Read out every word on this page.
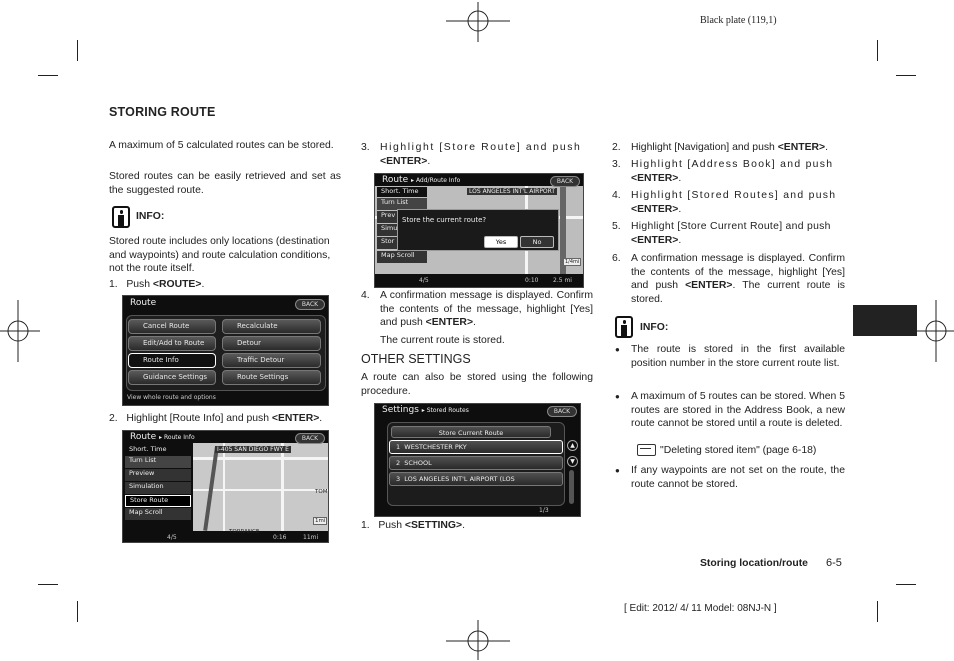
Black plate (119,1)
STORING ROUTE
A maximum of 5 calculated routes can be stored.
Stored routes can be easily retrieved and set as the suggested route.
INFO:
Stored route includes only locations (destination and waypoints) and route calculation conditions, not the route itself.
1. Push <ROUTE>.
Route	BACK
Cancel Route	Recalculate
Edit/Add to Route	Detour
Route Info	Traffic Detour
Guidance Settings	Route Settings
View whole route and options
2. Highlight [Route Info] and push <ENTER>.
TORRANCE
TOM
1mi
Route ▸ Route Info	BACK
Short. Time	I-405 SAN DIEGO FWY E
Turn List
Preview
Simulation
Store Route
Map Scroll
4/5	0:16	11mi
3. Highlight [Store Route] and push
<ENTER>.
1/4mi
Route ▸ Add/Route Info	BACK
Short. Time	LOS ANGELES INT'L AIRPORT
Turn List
Prev
Simu
Stor
Map Scroll
Store the current route?
Yes	No
4/5	0:10 2.5 mi
4. A confirmation message is displayed. Confirm the contents of the message, highlight [Yes] and push <ENTER>.
The current route is stored.
OTHER SETTINGS
A route can also be stored using the following procedure.
Settings ▸ Stored Routes	BACK
Store Current Route
1 WESTCHESTER PKY
2 SCHOOL
3 LOS ANGELES INT'L AIRPORT (LOS
▲
▼
1/3
1. Push <SETTING>.
2. Highlight [Navigation] and push <ENTER>.
3. Highlight [Address Book] and push
<ENTER>.
4. Highlight [Stored Routes] and push
<ENTER>.
5. Highlight [Store Current Route] and push
<ENTER>.
6. A confirmation message is displayed. Confirm the contents of the message, highlight [Yes] and push <ENTER>. The current route is stored.
INFO:
● The route is stored in the first available position number in the store current route list.
● A maximum of 5 routes can be stored. When 5 routes are stored in the Address Book, a new route cannot be stored until a route is deleted.
"Deleting stored item" (page 6-18)
● If any waypoints are not set on the route, the route cannot be stored.
Storing location/route 6-5
[ Edit: 2012/ 4/ 11 Model: 08NJ-N ]
